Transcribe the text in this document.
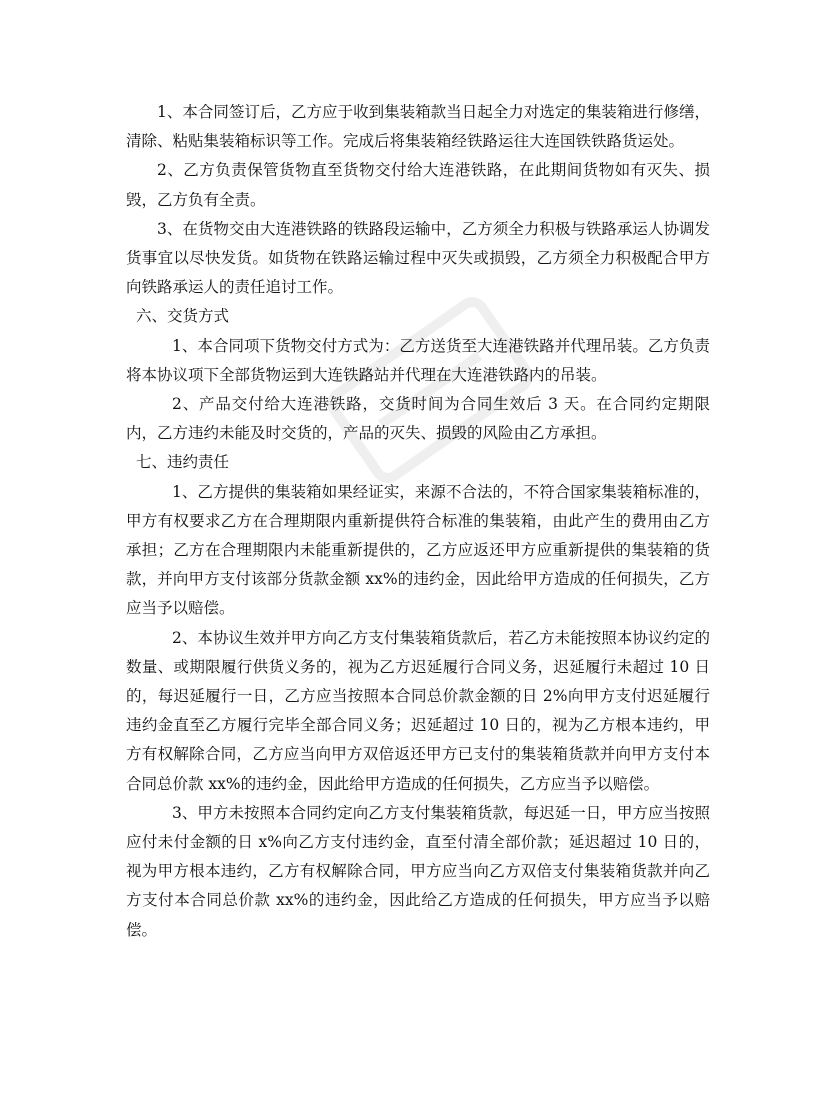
1、本合同签订后，乙方应于收到集装箱款当日起全力对选定的集装箱进行修缮，清除、粘贴集装箱标识等工作。完成后将集装箱经铁路运往大连国铁铁路货运处。

2、乙方负责保管货物直至货物交付给大连港铁路，在此期间货物如有灭失、损毁，乙方负有全责。

3、在货物交由大连港铁路的铁路段运输中，乙方须全力积极与铁路承运人协调发货事宜以尽快发货。如货物在铁路运输过程中灭失或损毁，乙方须全力积极配合甲方向铁路承运人的责任追讨工作。

六、交货方式

1、本合同项下货物交付方式为：乙方送货至大连港铁路并代理吊装。乙方负责将本协议项下全部货物运到大连铁路站并代理在大连港铁路内的吊装。

2、产品交付给大连港铁路，交货时间为合同生效后 3 天。在合同约定期限内，乙方违约未能及时交货的，产品的灭失、损毁的风险由乙方承担。

七、违约责任

1、乙方提供的集装箱如果经证实，来源不合法的，不符合国家集装箱标准的，甲方有权要求乙方在合理期限内重新提供符合标准的集装箱，由此产生的费用由乙方承担；乙方在合理期限内未能重新提供的，乙方应返还甲方应重新提供的集装箱的货款，并向甲方支付该部分货款金额 xx%的违约金，因此给甲方造成的任何损失，乙方应当予以赔偿。

2、本协议生效并甲方向乙方支付集装箱货款后，若乙方未能按照本协议约定的数量、或期限履行供货义务的，视为乙方迟延履行合同义务，迟延履行未超过 10 日的，每迟延履行一日，乙方应当按照本合同总价款金额的日 2%向甲方支付迟延履行违约金直至乙方履行完毕全部合同义务；迟延超过 10 日的，视为乙方根本违约，甲方有权解除合同，乙方应当向甲方双倍返还甲方已支付的集装箱货款并向甲方支付本合同总价款 xx%的违约金，因此给甲方造成的任何损失，乙方应当予以赔偿。

3、甲方未按照本合同约定向乙方支付集装箱货款，每迟延一日，甲方应当按照应付未付金额的日 x%向乙方支付违约金，直至付清全部价款；延迟超过 10 日的，视为甲方根本违约，乙方有权解除合同，甲方应当向乙方双倍支付集装箱货款并向乙方支付本合同总价款 xx%的违约金，因此给乙方造成的任何损失，甲方应当予以赔偿。
